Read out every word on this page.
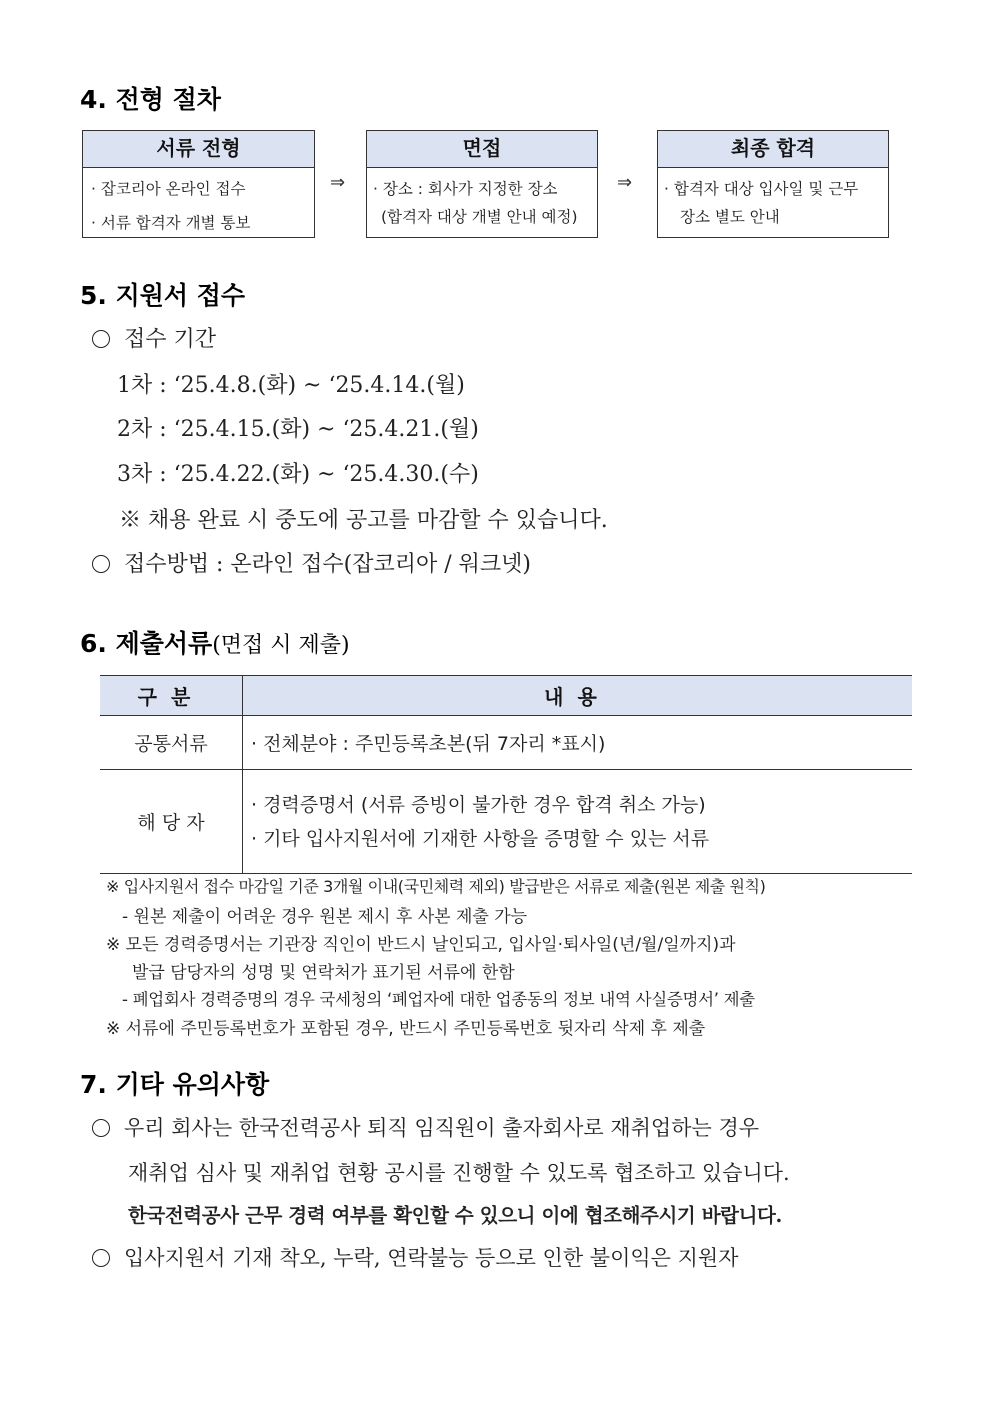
4. 전형 절차
서류 전형
· 잡코리아 온라인 접수
· 서류 합격자 개별 통보
⇒
면접
· 장소 : 회사가 지정한 장소
(합격자 대상 개별 안내 예정)
⇒
최종 합격
· 합격자 대상 입사일 및 근무
장소 별도 안내
5. 지원서 접수
접수 기간
1차 : ‘25.4.8.(화) ~ ‘25.4.14.(월)
2차 : ‘25.4.15.(화) ~ ‘25.4.21.(월)
3차 : ‘25.4.22.(화) ~ ‘25.4.30.(수)
※ 채용 완료 시 중도에 공고를 마감할 수 있습니다.
접수방법 : 온라인 접수(잡코리아 / 워크넷)
6. 제출서류(면접 시 제출)
구분	내용
공통서류	· 전체분야 : 주민등록초본(뒤 7자리 *표시)
해 당 자	· 경력증명서 (서류 증빙이 불가한 경우 합격 취소 가능)
· 기타 입사지원서에 기재한 사항을 증명할 수 있는 서류
※ 입사지원서 접수 마감일 기준 3개월 이내(국민체력 제외) 발급받은 서류로 제출(원본 제출 원칙)
- 원본 제출이 어려운 경우 원본 제시 후 사본 제출 가능
※ 모든 경력증명서는 기관장 직인이 반드시 날인되고, 입사일·퇴사일(년/월/일까지)과
발급 담당자의 성명 및 연락처가 표기된 서류에 한함
- 폐업회사 경력증명의 경우 국세청의 ‘폐업자에 대한 업종동의 정보 내역 사실증명서’ 제출
※ 서류에 주민등록번호가 포함된 경우, 반드시 주민등록번호 뒷자리 삭제 후 제출
7. 기타 유의사항
우리 회사는 한국전력공사 퇴직 임직원이 출자회사로 재취업하는 경우
재취업 심사 및 재취업 현황 공시를 진행할 수 있도록 협조하고 있습니다.
한국전력공사 근무 경력 여부를 확인할 수 있으니 이에 협조해주시기 바랍니다.
입사지원서 기재 착오, 누락, 연락불능 등으로 인한 불이익은 지원자
